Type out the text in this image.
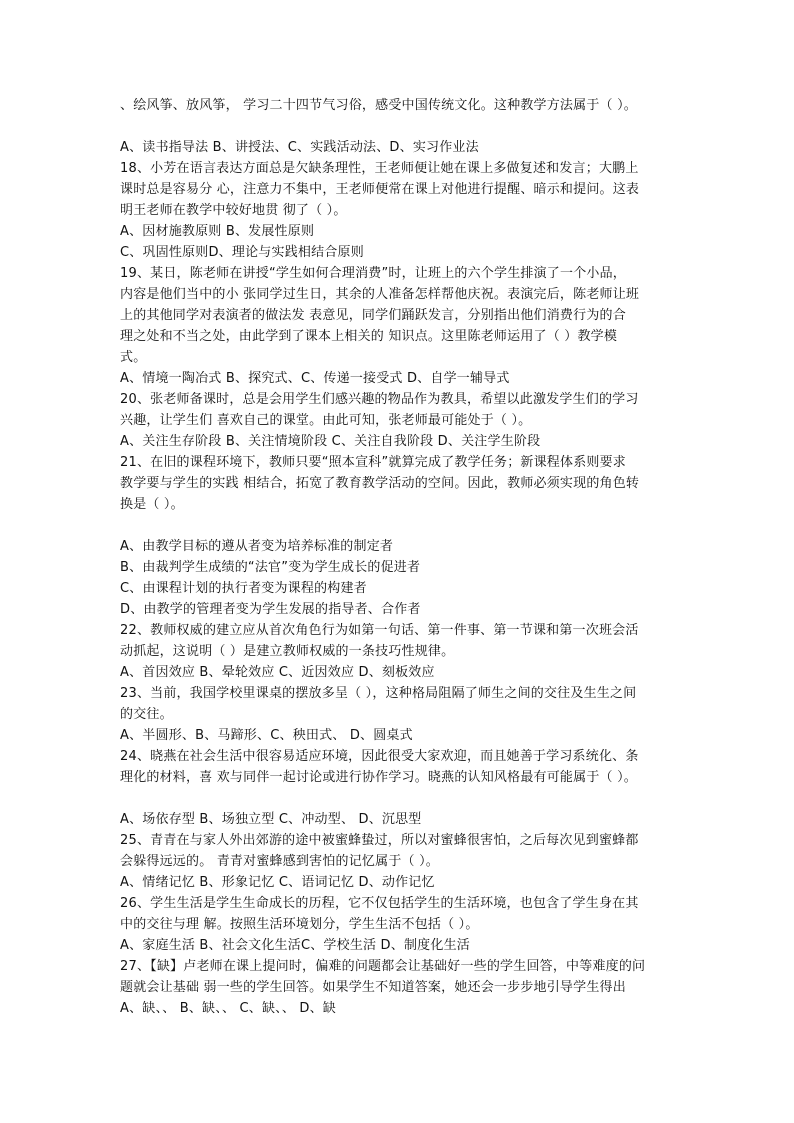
、绘风筝、放风筝， 学习二十四节气习俗，感受中国传统文化。这种教学方法属于（ ）。
A、读书指导法 B、讲授法、C、实践活动法、D、实习作业法
18、小芳在语言表达方面总是欠缺条理性，王老师便让她在课上多做复述和发言；大鹏上
课时总是容易分 心，注意力不集中，王老师便常在课上对他进行提醒、暗示和提问。这表
明王老师在教学中较好地贯 彻了（ ）。
A、因材施教原则 B、发展性原则
C、巩固性原则D、理论与实践相结合原则
19、某日，陈老师在讲授“学生如何合理消费”时，让班上的六个学生排演了一个小品，
内容是他们当中的小 张同学过生日，其余的人准备怎样帮他庆祝。表演完后，陈老师让班
上的其他同学对表演者的做法发 表意见，同学们踊跃发言，分别指出他们消费行为的合
理之处和不当之处，由此学到了课本上相关的 知识点。这里陈老师运用了（ ）教学模
式。
A、情境一陶冶式 B、探究式、C、传递一接受式 D、自学一辅导式
20、张老师备课时，总是会用学生们感兴趣的物品作为教具，希望以此激发学生们的学习
兴趣，让学生们 喜欢自己的课堂。由此可知，张老师最可能处于（ ）。
A、关注生存阶段 B、关注情境阶段 C、关注自我阶段 D、关注学生阶段
21、在旧的课程环境下，教师只要“照本宣科”就算完成了教学任务；新课程体系则要求
教学要与学生的实践 相结合，拓宽了教育教学活动的空间。因此，教师必须实现的角色转
换是（ ）。
A、由教学目标的遵从者变为培养标准的制定者
B、由裁判学生成绩的“法官”变为学生成长的促进者
C、由课程计划的执行者变为课程的构建者
D、由教学的管理者变为学生发展的指导者、合作者
22、教师权威的建立应从首次角色行为如第一句话、第一件事、第一节课和第一次班会活
动抓起，这说明（ ）是建立教师权威的一条技巧性规律。
A、首因效应 B、晕轮效应 C、近因效应 D、刻板效应
23、当前，我国学校里课桌的摆放多呈（ ），这种格局阻隔了师生之间的交往及生生之间
的交往。
A、半圆形、B、马蹄形、C、秧田式、 D、圆桌式
24、晓燕在社会生活中很容易适应环境，因此很受大家欢迎，而且她善于学习系统化、条
理化的材料，喜 欢与同伴一起讨论或进行协作学习。晓燕的认知风格最有可能属于（ ）。
A、场依存型 B、场独立型 C、冲动型、 D、沉思型
25、青青在与家人外出郊游的途中被蜜蜂蛰过，所以对蜜蜂很害怕，之后每次见到蜜蜂都
会躲得远远的。 青青对蜜蜂感到害怕的记忆属于（ ）。
A、情绪记忆 B、形象记忆 C、语词记忆 D、动作记忆
26、学生生活是学生生命成长的历程，它不仅包括学生的生活环境，也包含了学生身在其
中的交往与理 解。按照生活环境划分，学生生活不包括（ ）。
A、家庭生活 B、社会文化生活C、学校生活 D、制度化生活
27、【缺】卢老师在课上提问时，偏难的问题都会让基础好一些的学生回答，中等难度的问
题就会让基础 弱一些的学生回答。如果学生不知道答案，她还会一步步地引导学生得出
A、缺、、 B、缺、、 C、缺、、 D、缺
